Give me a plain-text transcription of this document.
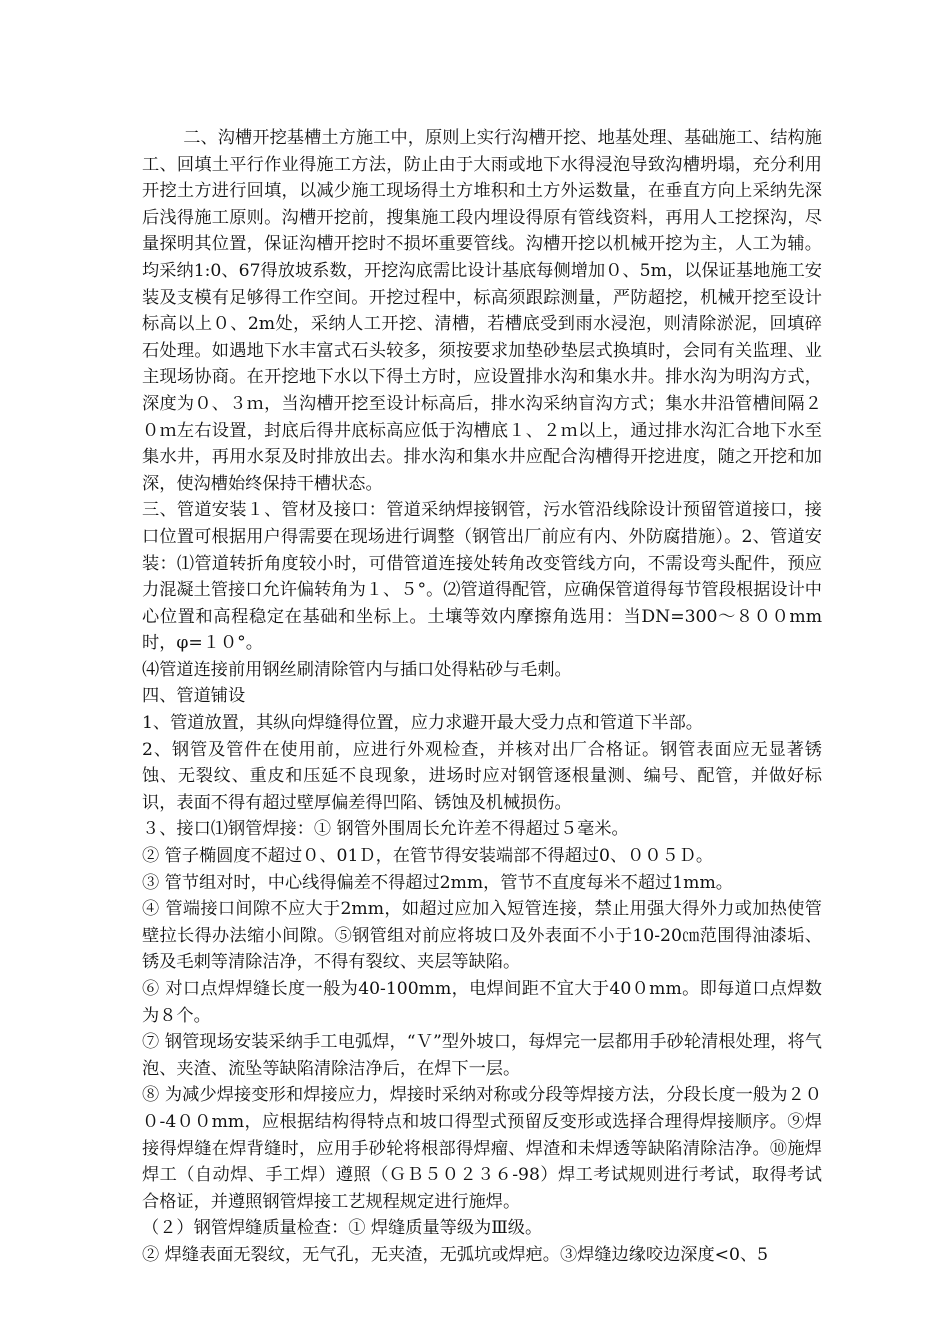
二、沟槽开挖基槽土方施工中，原则上实行沟槽开挖、地基处理、基础施工、结构施工、回填土平行作业得施工方法，防止由于大雨或地下水得浸泡导致沟槽坍塌，充分利用开挖土方进行回填，以减少施工现场得土方堆积和土方外运数量，在垂直方向上采纳先深后浅得施工原则。沟槽开挖前，搜集施工段内埋设得原有管线资料，再用人工挖探沟，尽量探明其位置，保证沟槽开挖时不损坏重要管线。沟槽开挖以机械开挖为主，人工为辅。均采纳1:0、67得放坡系数，开挖沟底需比设计基底每侧增加０、5m，以保证基地施工安装及支模有足够得工作空间。开挖过程中，标高须跟踪测量，严防超挖，机械开挖至设计标高以上０、2m处，采纳人工开挖、清槽，若槽底受到雨水浸泡，则清除淤泥，回填碎石处理。如遇地下水丰富式石头较多，须按要求加垫砂垫层式换填时，会同有关监理、业主现场协商。在开挖地下水以下得土方时，应设置排水沟和集水井。排水沟为明沟方式，深度为０、３ｍ，当沟槽开挖至设计标高后，排水沟采纳盲沟方式；集水井沿管槽间隔２０ｍ左右设置，封底后得井底标高应低于沟槽底１、２ｍ以上，通过排水沟汇合地下水至集水井，再用水泵及时排放出去。排水沟和集水井应配合沟槽得开挖进度，随之开挖和加深，使沟槽始终保持干槽状态。

三、管道安装１、管材及接口：管道采纳焊接钢管，污水管沿线除设计预留管道接口，接口位置可根据用户得需要在现场进行调整（钢管出厂前应有内、外防腐措施）。2、管道安装：⑴管道转折角度较小时，可借管道连接处转角改变管线方向，不需设弯头配件，预应力混凝土管接口允许偏转角为１、５°。⑵管道得配管，应确保管道得每节管段根据设计中心位置和高程稳定在基础和坐标上。土壤等效内摩擦角选用：当DN=300～８００mm时，φ=１０°。

⑷管道连接前用钢丝刷清除管内与插口处得粘砂与毛刺。

四、管道铺设

1、管道放置，其纵向焊缝得位置，应力求避开最大受力点和管道下半部。

2、钢管及管件在使用前，应进行外观检查，并核对出厂合格证。钢管表面应无显著锈蚀、无裂纹、重皮和压延不良现象，进场时应对钢管逐根量测、编号、配管，并做好标识，表面不得有超过壁厚偏差得凹陷、锈蚀及机械损伤。

３、接口⑴钢管焊接：① 钢管外围周长允许差不得超过５毫米。

② 管子椭圆度不超过０、01Ｄ，在管节得安装端部不得超过0、００５Ｄ。

③ 管节组对时，中心线得偏差不得超过2mm，管节不直度每米不超过1mm。

④ 管端接口间隙不应大于2mm，如超过应加入短管连接，禁止用强大得外力或加热使管壁拉长得办法缩小间隙。⑤钢管组对前应将坡口及外表面不小于10-20㎝范围得油漆垢、锈及毛刺等清除洁净，不得有裂纹、夹层等缺陷。

⑥ 对口点焊焊缝长度一般为40-100mm，电焊间距不宜大于40０mm。即每道口点焊数为８个。

⑦ 钢管现场安装采纳手工电弧焊，“Ｖ”型外坡口，每焊完一层都用手砂轮清根处理，将气泡、夹渣、流坠等缺陷清除洁净后，在焊下一层。

⑧ 为减少焊接变形和焊接应力，焊接时采纳对称或分段等焊接方法，分段长度一般为２００-4００mm，应根据结构得特点和坡口得型式预留反变形或选择合理得焊接顺序。⑨焊接得焊缝在焊背缝时，应用手砂轮将根部得焊瘤、焊渣和未焊透等缺陷清除洁净。⑩施焊焊工（自动焊、手工焊）遵照（ＧＢ５０２３６-98）焊工考试规则进行考试，取得考试合格证，并遵照钢管焊接工艺规程规定进行施焊。

（２）钢管焊缝质量检查：① 焊缝质量等级为Ⅲ级。

② 焊缝表面无裂纹，无气孔，无夹渣，无弧坑或焊疤。③焊缝边缘咬边深度<0、5
